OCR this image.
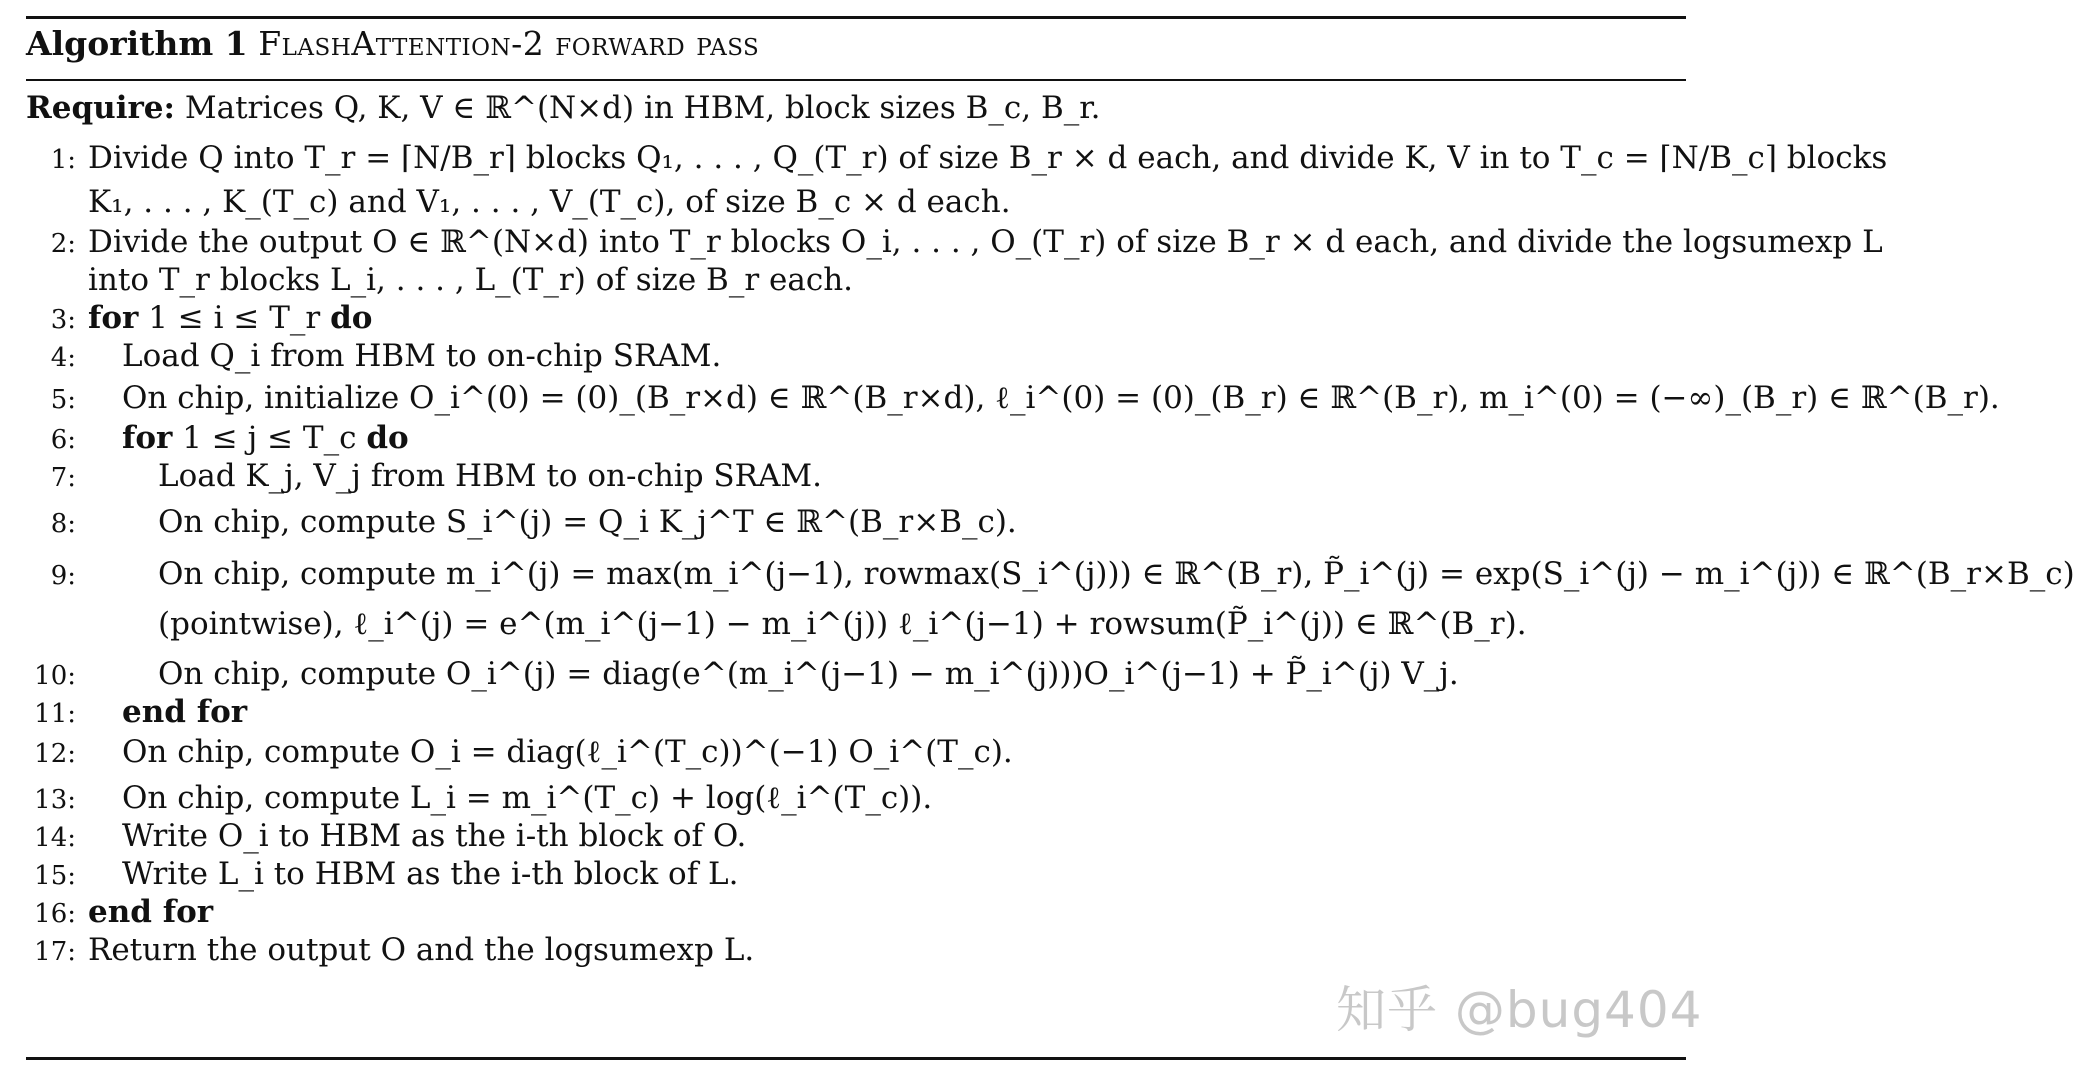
Algorithm 1 FlashAttention-2 forward pass
Require: Matrices Q, K, V ∈ ℝ^(N×d) in HBM, block sizes B_c, B_r.
1: Divide Q into T_r = ⌈N/B_r⌉ blocks Q₁, . . . , Q_(T_r) of size B_r × d each, and divide K, V in to T_c = ⌈N/B_c⌉ blocks
K₁, . . . , K_(T_c) and V₁, . . . , V_(T_c), of size B_c × d each.
2: Divide the output O ∈ ℝ^(N×d) into T_r blocks O_i, . . . , O_(T_r) of size B_r × d each, and divide the logsumexp L
into T_r blocks L_i, . . . , L_(T_r) of size B_r each.
3: for 1 ≤ i ≤ T_r do
4: Load Q_i from HBM to on-chip SRAM.
5: On chip, initialize O_i^(0) = (0)_(B_r×d) ∈ ℝ^(B_r×d), ℓ_i^(0) = (0)_(B_r) ∈ ℝ^(B_r), m_i^(0) = (−∞)_(B_r) ∈ ℝ^(B_r).
6: for 1 ≤ j ≤ T_c do
7:	Load K_j, V_j from HBM to on-chip SRAM.
8:	On chip, compute S_i^(j) = Q_i K_j^T ∈ ℝ^(B_r×B_c).
9:	On chip, compute m_i^(j) = max(m_i^(j−1), rowmax(S_i^(j))) ∈ ℝ^(B_r), P̃_i^(j) = exp(S_i^(j) − m_i^(j)) ∈ ℝ^(B_r×B_c)
(pointwise), ℓ_i^(j) = e^(m_i^(j−1) − m_i^(j)) ℓ_i^(j−1) + rowsum(P̃_i^(j)) ∈ ℝ^(B_r).
10:	On chip, compute O_i^(j) = diag(e^(m_i^(j−1) − m_i^(j)))O_i^(j−1) + P̃_i^(j) V_j.
11: end for
12: On chip, compute O_i = diag(ℓ_i^(T_c))^(−1) O_i^(T_c).
13: On chip, compute L_i = m_i^(T_c) + log(ℓ_i^(T_c)).
14: Write O_i to HBM as the i-th block of O.
15: Write L_i to HBM as the i-th block of L.
16: end for
17: Return the output O and the logsumexp L.
知乎 @bug404
